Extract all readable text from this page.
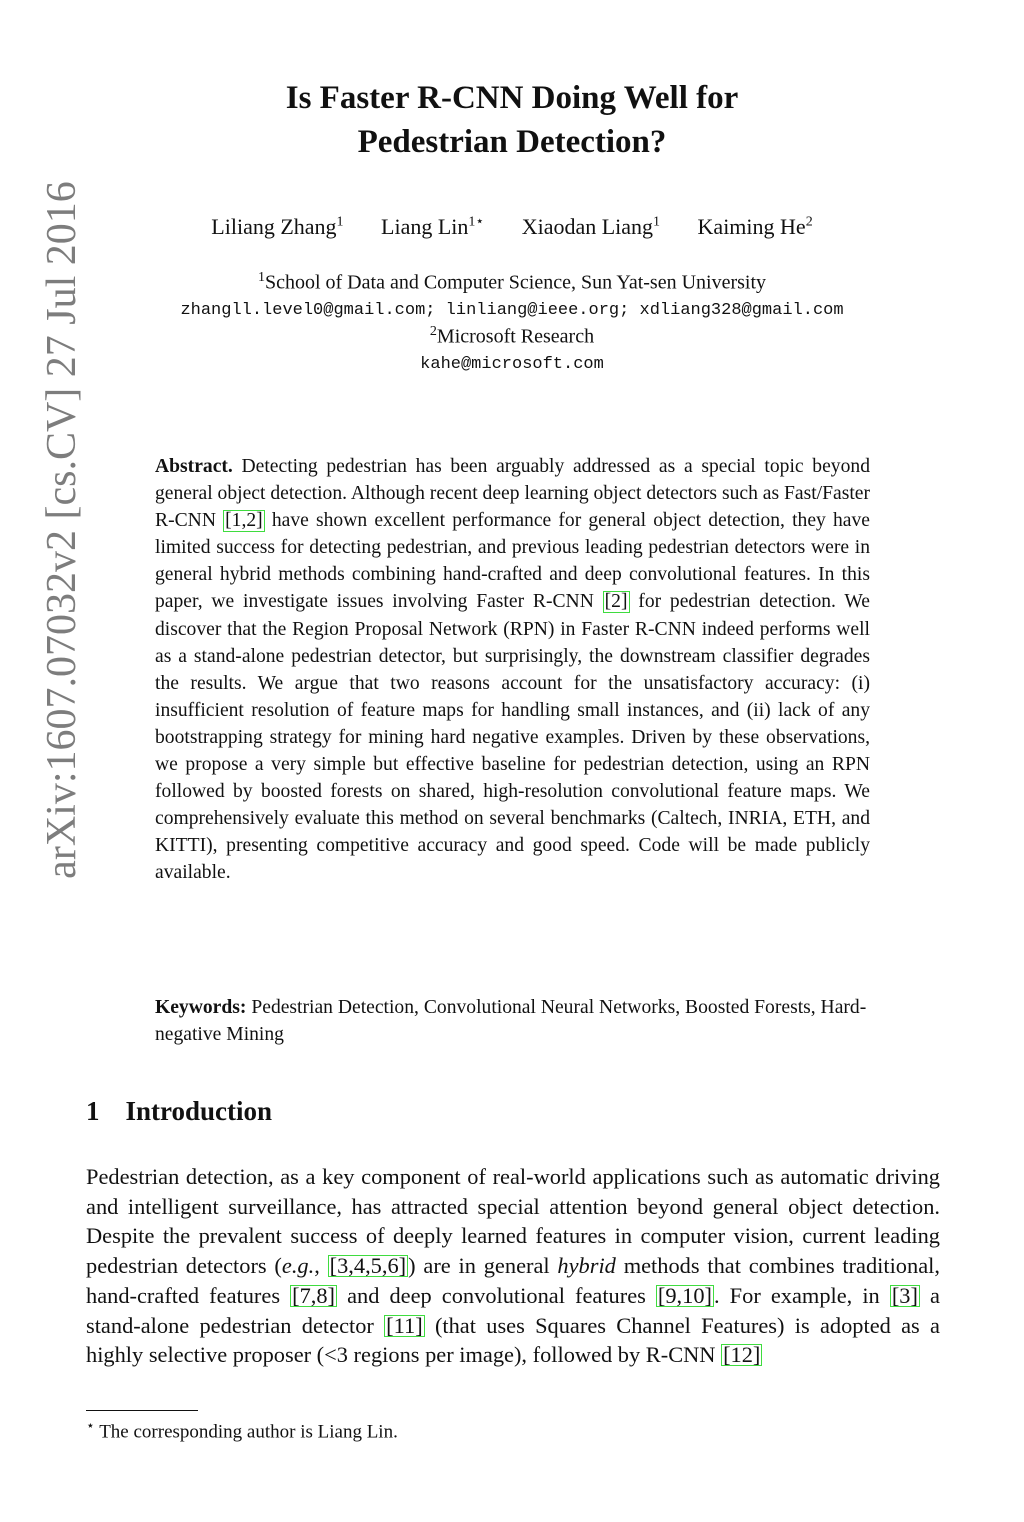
arXiv:1607.07032v2 [cs.CV] 27 Jul 2016
Is Faster R-CNN Doing Well for
Pedestrian Detection?
Liliang Zhang$^1$ Liang Lin$^{1⋆}$ Xiaodan Liang$^1$ Kaiming He$^2$
$^1$School of Data and Computer Science, Sun Yat-sen University
zhangll.level0@gmail.com; linliang@ieee.org; xdliang328@gmail.com
$^2$Microsoft Research
kahe@microsoft.com
Abstract. Detecting pedestrian has been arguably addressed as a special topic beyond general object detection. Although recent deep learning object detectors such as Fast/Faster R-CNN [1,2] have shown excellent performance for general object detection, they have limited success for detecting pedestrian, and previous leading pedestrian detectors were in general hybrid methods combining hand-crafted and deep convolutional features. In this paper, we investigate issues involving Faster R-CNN [2] for pedestrian detection. We discover that the Region Proposal Network (RPN) in Faster R-CNN indeed performs well as a stand-alone pedestrian detector, but surprisingly, the downstream classifier degrades the results. We argue that two reasons account for the unsatisfactory accuracy: (i) insufficient resolution of feature maps for handling small instances, and (ii) lack of any bootstrapping strategy for mining hard negative examples. Driven by these observations, we propose a very simple but effective baseline for pedestrian detection, using an RPN followed by boosted forests on shared, high-resolution convolutional feature maps. We comprehensively evaluate this method on several benchmarks (Caltech, INRIA, ETH, and KITTI), presenting competitive accuracy and good speed. Code will be made publicly available.
Keywords: Pedestrian Detection, Convolutional Neural Networks, Boosted Forests, Hard-negative Mining
1 Introduction
Pedestrian detection, as a key component of real-world applications such as automatic driving and intelligent surveillance, has attracted special attention beyond general object detection. Despite the prevalent success of deeply learned features in computer vision, current leading pedestrian detectors (e.g., [3,4,5,6]) are in general hybrid methods that combines traditional, hand-crafted features [7,8] and deep convolutional features [9,10]. For example, in [3] a stand-alone pedestrian detector [11] (that uses Squares Channel Features) is adopted as a highly selective proposer (<3 regions per image), followed by R-CNN [12]
⋆ The corresponding author is Liang Lin.
